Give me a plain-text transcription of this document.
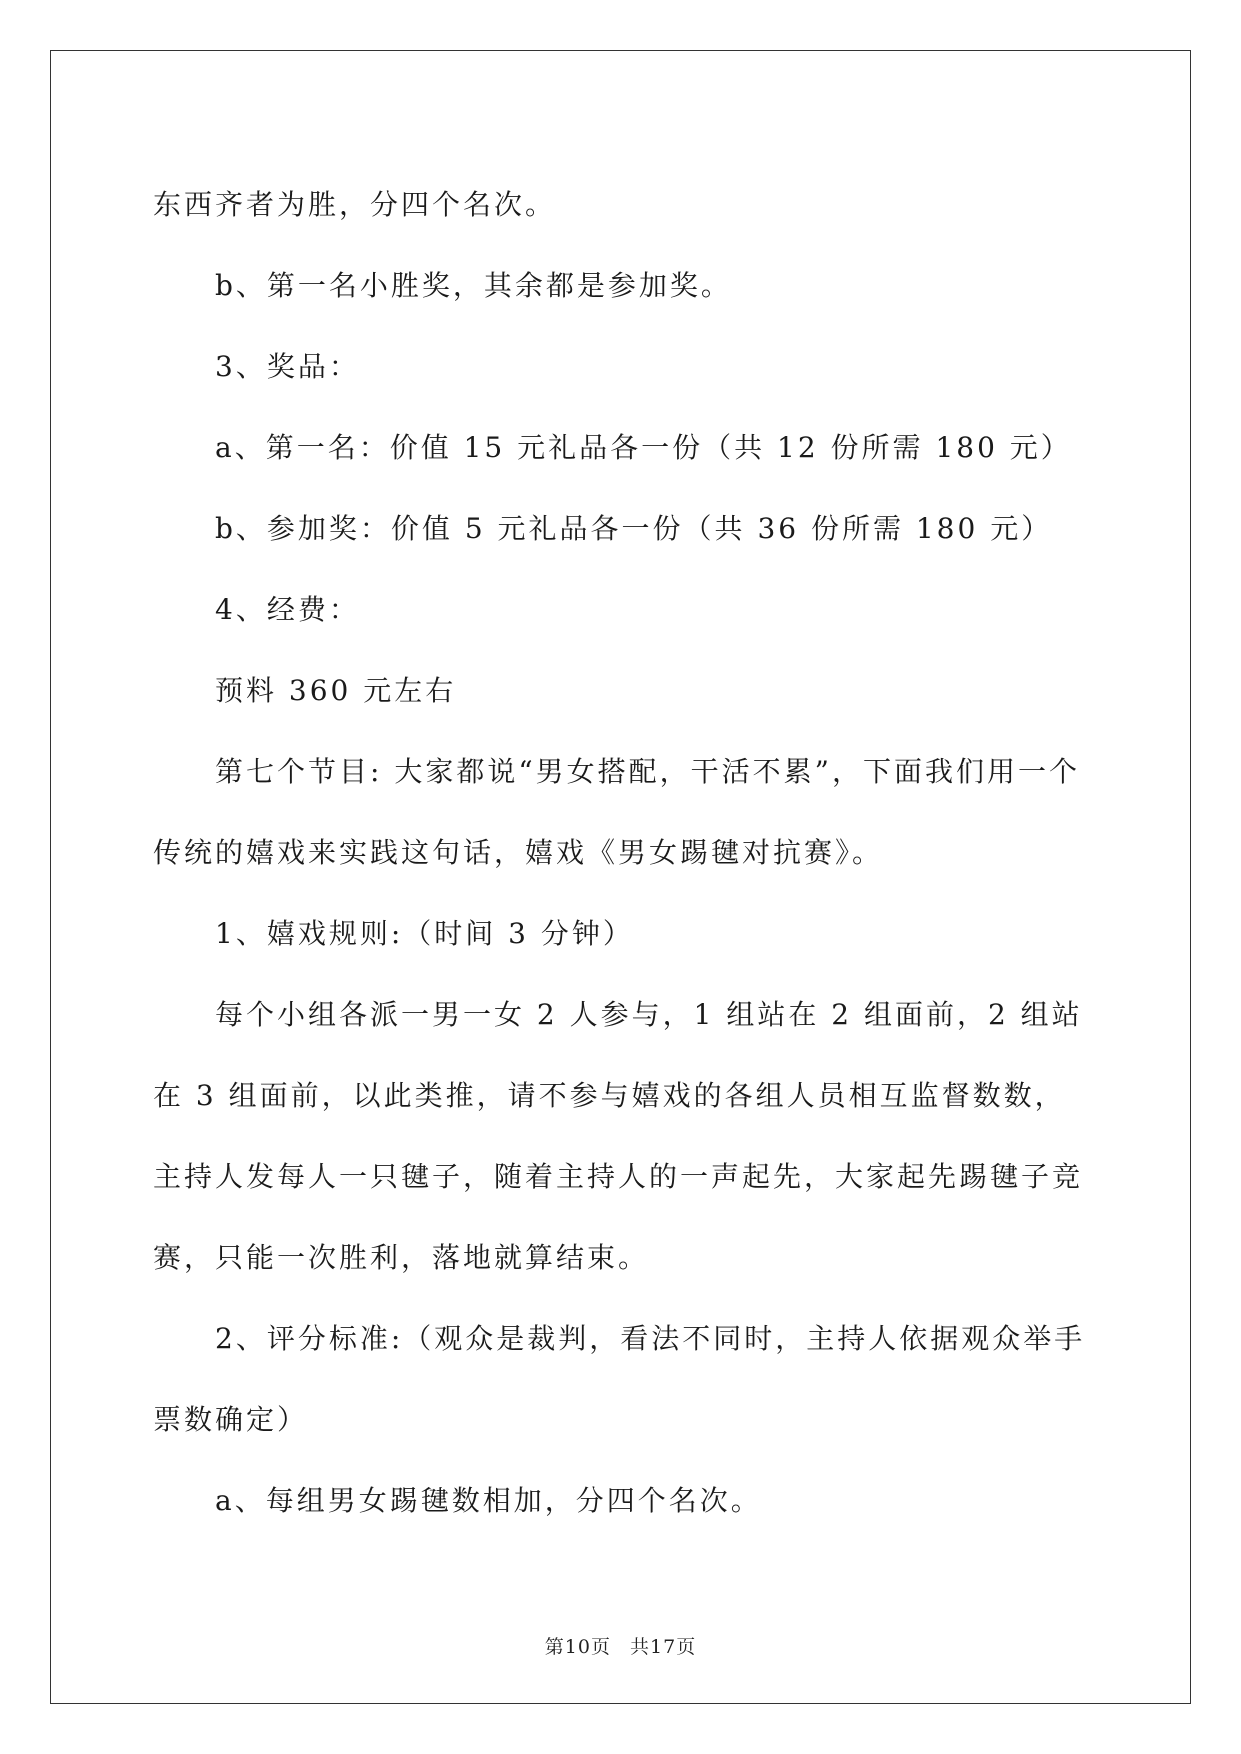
东西齐者为胜，分四个名次。

b、第一名小胜奖，其余都是参加奖。

3、奖品：

a、第一名：价值 15 元礼品各一份（共 12 份所需 180 元）

b、参加奖：价值 5 元礼品各一份（共 36 份所需 180 元）

4、经费：

预料 360 元左右

第七个节目: 大家都说“男女搭配，干活不累”，下面我们用一个传统的嬉戏来实践这句话，嬉戏《男女踢毽对抗赛》。

1、嬉戏规则:（时间 3 分钟）

每个小组各派一男一女 2 人参与，1 组站在 2 组面前，2 组站在 3 组面前，以此类推，请不参与嬉戏的各组人员相互监督数数，主持人发每人一只毽子，随着主持人的一声起先，大家起先踢毽子竞赛，只能一次胜利，落地就算结束。

2、评分标准:（观众是裁判，看法不同时，主持人依据观众举手票数确定）

a、每组男女踢毽数相加，分四个名次。

第10页 共17页
